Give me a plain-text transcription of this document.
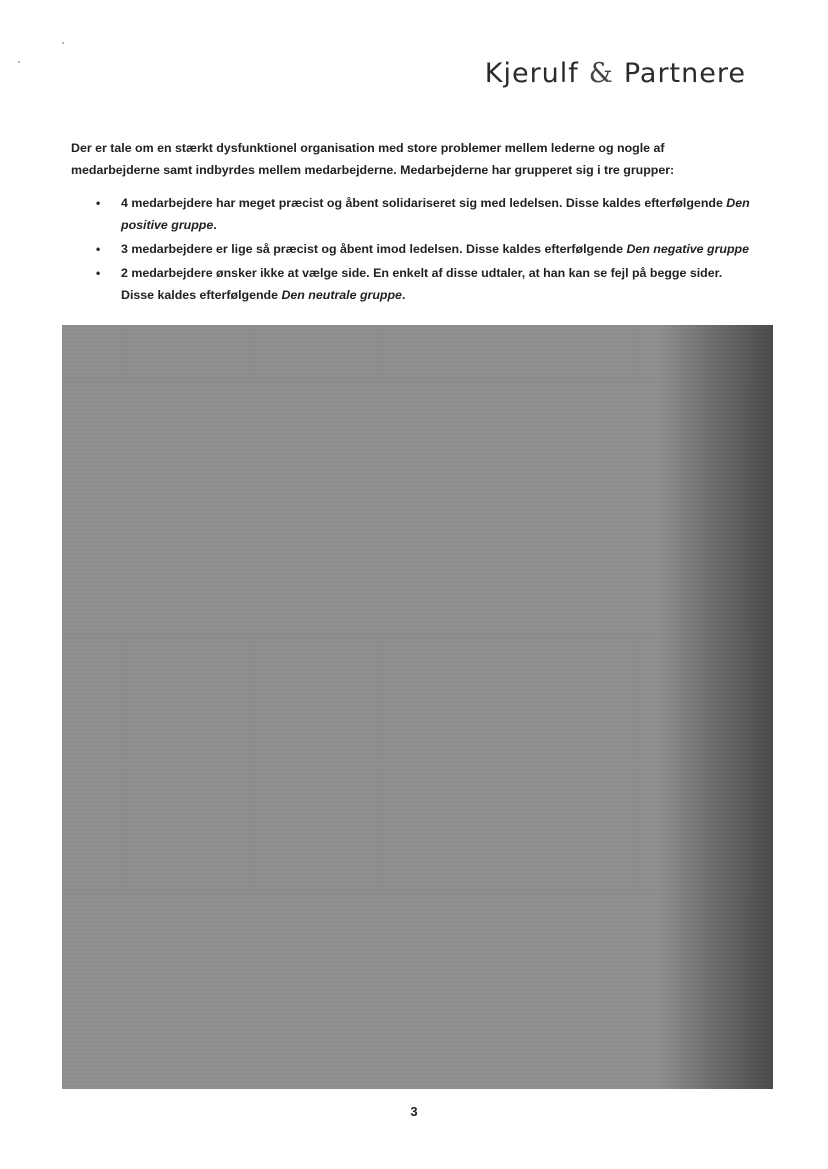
Kjerulf & Partnere

Der er tale om en stærkt dysfunktionel organisation med store problemer mellem lederne og nogle af medarbejderne samt indbyrdes mellem medarbejderne. Medarbejderne har grupperet sig i tre grupper:

• 4 medarbejdere har meget præcist og åbent solidariseret sig med ledelsen. Disse kaldes efterfølgende Den positive gruppe.
• 3 medarbejdere er lige så præcist og åbent imod ledelsen. Disse kaldes efterfølgende Den negative gruppe
• 2 medarbejdere ønsker ikke at vælge side. En enkelt af disse udtaler, at han kan se fejl på begge sider. Disse kaldes efterfølgende Den neutrale gruppe.
3
